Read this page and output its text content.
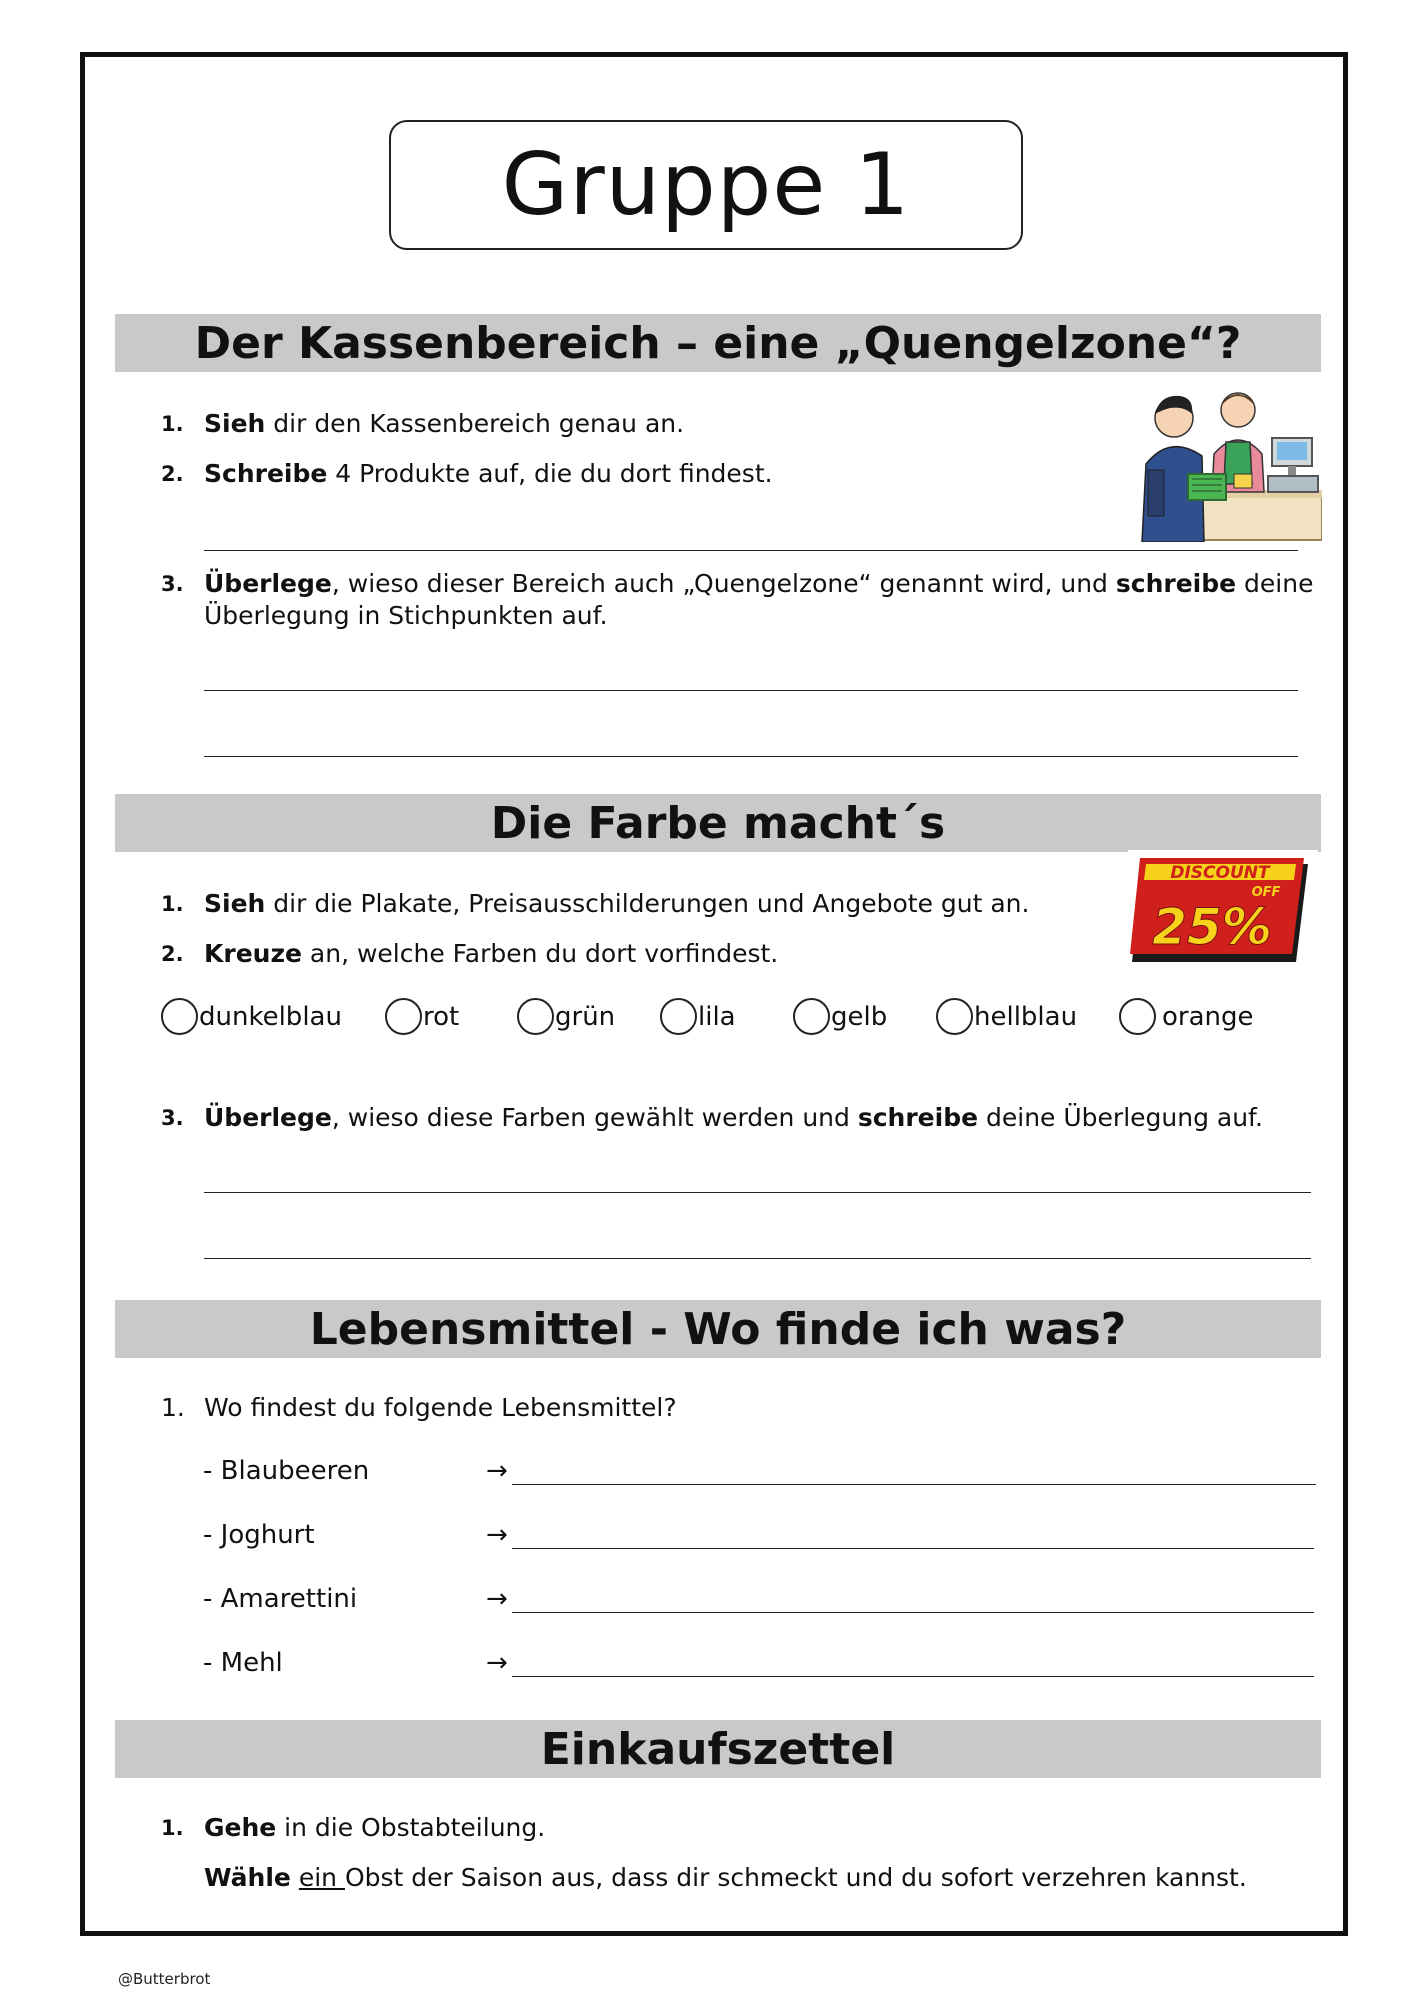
Gruppe 1
Der Kassenbereich – eine „Quengelzone“?
1. Sieh dir den Kassenbereich genau an.
2. Schreibe 4 Produkte auf, die du dort findest.
3. Überlege, wieso dieser Bereich auch „Quengelzone“ genannt wird, und schreibe deine
Überlegung in Stichpunkten auf.
Die Farbe macht´s
1. Sieh dir die Plakate, Preisausschilderungen und Angebote gut an.
2. Kreuze an, welche Farben du dort vorfindest.
DISCOUNT
OFF
25%
dunkelblau	rot	grün	lila	gelb	hellblau	orange
3. Überlege, wieso diese Farben gewählt werden und schreibe deine Überlegung auf.
Lebensmittel - Wo finde ich was?
1. Wo findest du folgende Lebensmittel?
- Blaubeeren	→
- Joghurt	→
- Amarettini	→
- Mehl	→
Einkaufszettel
1. Gehe in die Obstabteilung.
Wähle ein Obst der Saison aus, dass dir schmeckt und du sofort verzehren kannst.
@Butterbrot
